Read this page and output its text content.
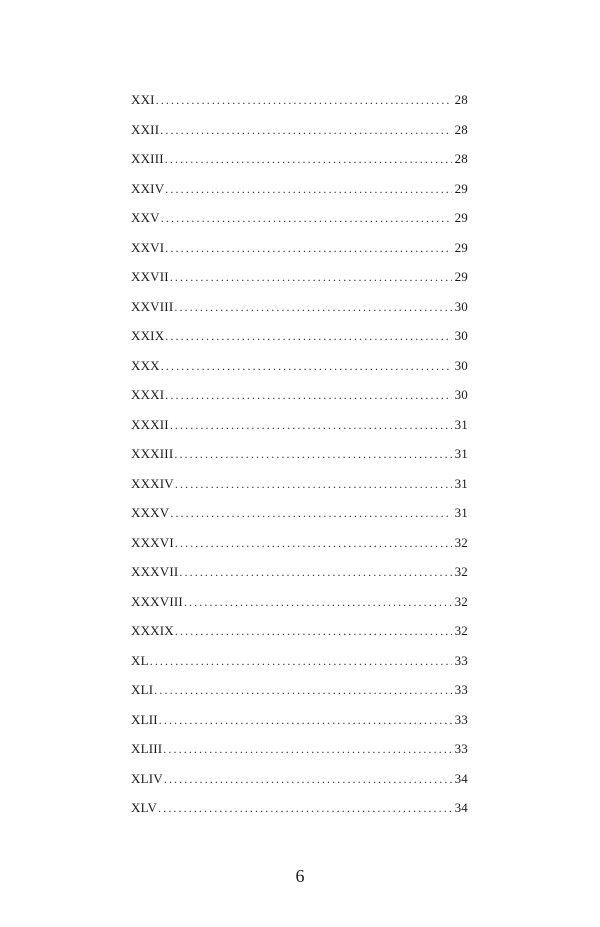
XXI .....	28
XXII .....	28
XXIII .....	28
XXIV .....	29
XXV .....	29
XXVI .....	29
XXVII .....	29
XXVIII .....	30
XXIX .....	30
XXX .....	30
XXXI .....	30
XXXII .....	31
XXXIII .....	31
XXXIV .....	31
XXXV .....	31
XXXVI .....	32
XXXVII .....	32
XXXVIII .....	32
XXXIX .....	32
XL .....	33
XLI .....	33
XLII .....	33
XLIII .....	33
XLIV .....	34
XLV .....	34
6
